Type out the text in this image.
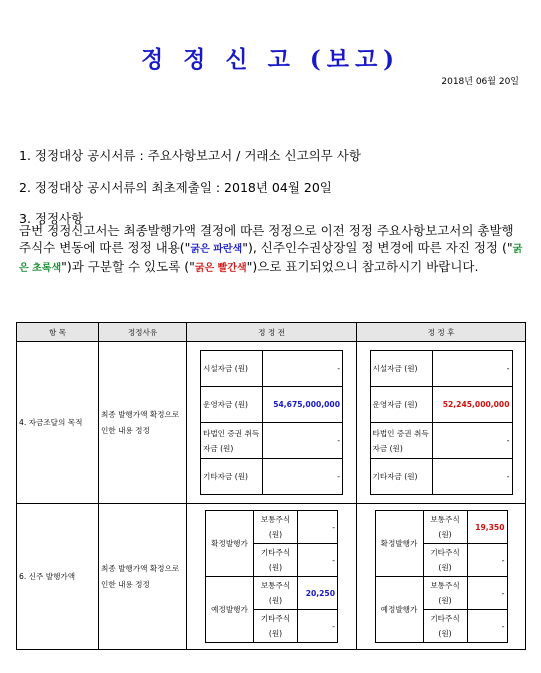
정 정 신 고 (보고)
2018년 06월 20일
1. 정정대상 공시서류 : 주요사항보고서 / 거래소 신고의무 사항
2. 정정대상 공시서류의 최초제출일 : 2018년 04월 20일
3. 정정사항
금번 정정신고서는 최종발행가액 결정에 따른 정정으로 이전 정정 주요사항보고서의 총발행주식수 변동에 따른 정정 내용("굵은 파란색"), 신주인수권상장일 정 변경에 따른 자진 정정 ("굵은 초록색")과 구분할 수 있도록 ("굵은 빨간색")으로 표기되었으니 참고하시기 바랍니다.
항 목	정정사유	정 정 전	정 정 후
4. 자금조달의 목적	최종 발행가액 확정으로 인한 내용 정정	
시설자금 (원)	-
운영자금 (원)	54,675,000,000
타법인 증권 취득자금 (원)	-
기타자금 (원)	-

시설자금 (원)	-
운영자금 (원)	52,245,000,000
타법인 증권 취득자금 (원)	-
기타자금 (원)	-

6. 신주 발행가액	최종 발행가액 확정으로 인한 내용 정정	
확정발행가	보통주식 (원)	-
기타주식 (원)	-
예정발행가	보통주식 (원)	20,250
기타주식 (원)	-

확정발행가	보통주식 (원)	19,350
기타주식 (원)	-
예정발행가	보통주식 (원)	-
기타주식 (원)	-
